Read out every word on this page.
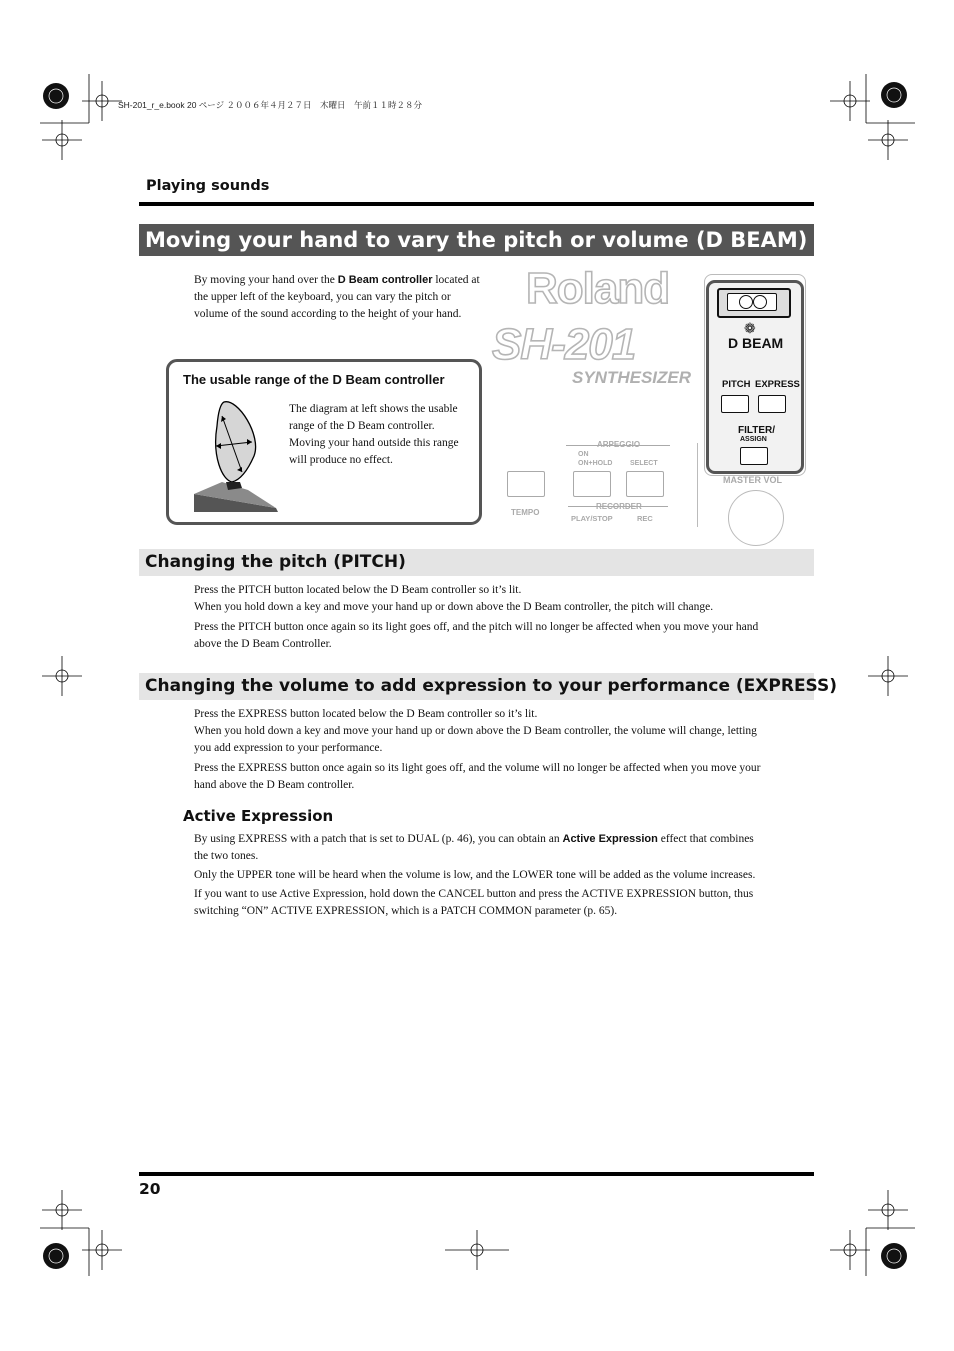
SH-201_r_e.book 20 ページ ２００６年４月２７日　木曜日　午前１１時２８分
Playing sounds
Moving your hand to vary the pitch or volume (D BEAM)
By moving your hand over the D Beam controller located at the upper left of the keyboard, you can vary the pitch or volume of the sound according to the height of your hand.
The usable range of the D Beam controller
The diagram at left shows the usable range of the D Beam controller. Moving your hand outside this range will produce no effect.
Roland
SH-201
SYNTHESIZER
❁
D BEAM
PITCH EXPRESS
FILTER/
ASSIGN
MASTER VOL
ON
ON+HOLD	SELECT
TEMPO
PLAY/STOP	REC
Changing the pitch (PITCH)

Press the PITCH button located below the D Beam controller so it’s lit.

When you hold down a key and move your hand up or down above the D Beam controller, the pitch will change.

Press the PITCH button once again so its light goes off, and the pitch will no longer be affected when you move your hand above the D Beam Controller.

Changing the volume to add expression to your performance (EXPRESS)

Press the EXPRESS button located below the D Beam controller so it’s lit.

When you hold down a key and move your hand up or down above the D Beam controller, the volume will change, letting you add expression to your performance.

Press the EXPRESS button once again so its light goes off, and the volume will no longer be affected when you move your hand above the D Beam controller.

Active Expression

By using EXPRESS with a patch that is set to DUAL (p. 46), you can obtain an Active Expression effect that combines the two tones.

Only the UPPER tone will be heard when the volume is low, and the LOWER tone will be added as the volume increases.

If you want to use Active Expression, hold down the CANCEL button and press the ACTIVE EXPRESSION button, thus switching “ON” ACTIVE EXPRESSION, which is a PATCH COMMON parameter (p. 65).

20
